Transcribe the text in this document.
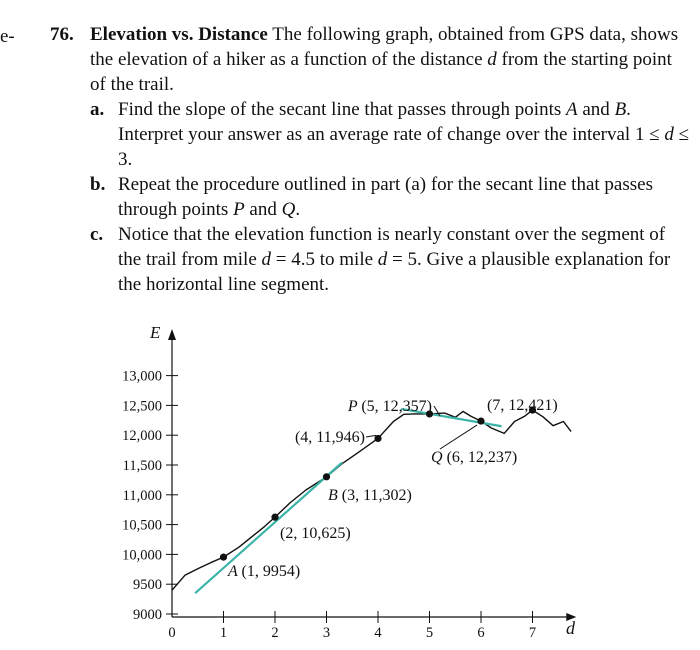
e- 76. Elevation vs. Distance The following graph, obtained from GPS data, shows the elevation of a hiker as a function of the distance d from the starting point of the trail.
a. Find the slope of the secant line that passes through points A and B. Interpret your answer as an average rate of change over the interval 1 ≤ d ≤ 3.
b. Repeat the procedure outlined in part (a) for the secant line that passes through points P and Q.
c. Notice that the elevation function is nearly constant over the segment of the trail from mile d = 4.5 to mile d = 5. Give a plausible explanation for the horizontal line segment.
E
d
9000
9500
10,000
10,500
11,000
11,500
12,000
12,500
13,000
0	1	2	3	4	5	6	7
A (1, 9954)
(2, 10,625)
B (3, 11,302)
(4, 11,946)
P (5, 12,357)
Q (6, 12,237)
(7, 12,421)
